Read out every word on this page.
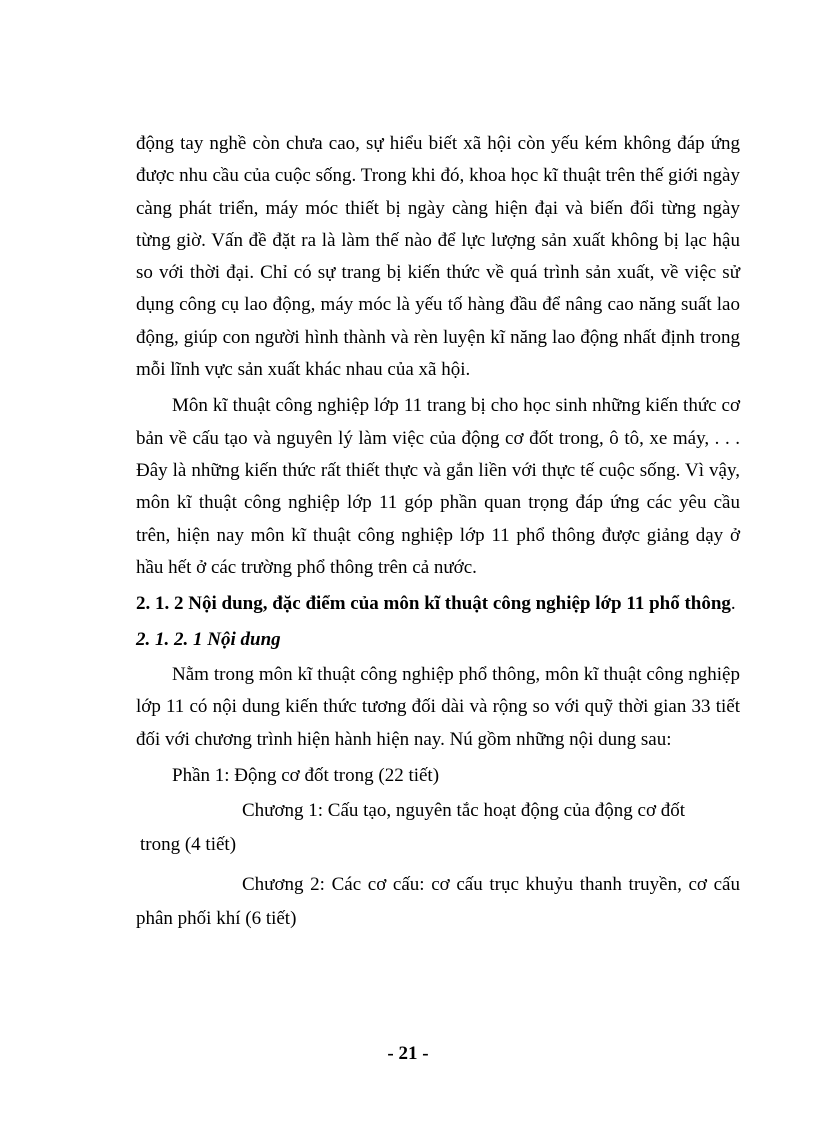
động tay nghề còn chưa cao, sự hiểu biết xã hội còn yếu kém không đáp ứng được nhu cầu của cuộc sống. Trong khi đó, khoa học kĩ thuật trên thế giới ngày càng phát triển, máy móc thiết bị ngày càng hiện đại và biến đổi từng ngày từng giờ. Vấn đề đặt ra là làm thế nào để lực lượng sản xuất không bị lạc hậu so với thời đại. Chỉ có sự trang bị kiến thức về quá trình sản xuất, về việc sử dụng công cụ lao động, máy móc là yếu tố hàng đầu để nâng cao năng suất lao động, giúp con người hình thành và rèn luyện kĩ năng lao động nhất định trong mỗi lĩnh vực sản xuất khác nhau của xã hội.

Môn kĩ thuật công nghiệp lớp 11 trang bị cho học sinh những kiến thức cơ bản về cấu tạo và nguyên lý làm việc của động cơ đốt trong, ô tô, xe máy, . . . Đây là những kiến thức rất thiết thực và gắn liền với thực tế cuộc sống. Vì vậy, môn kĩ thuật công nghiệp lớp 11 góp phần quan trọng đáp ứng các yêu cầu trên, hiện nay môn kĩ thuật công nghiệp lớp 11 phổ thông được giảng dạy ở hầu hết ở các trường phổ thông trên cả nước.

2. 1. 2 Nội dung, đặc điểm của môn kĩ thuật công nghiệp lớp 11 phổ thông.

2. 1. 2. 1 Nội dung

Nằm trong môn kĩ thuật công nghiệp phổ thông, môn kĩ thuật công nghiệp lớp 11 có nội dung kiến thức tương đối dài và rộng so với quỹ thời gian 33 tiết đối với chương trình hiện hành hiện nay. Nú gồm những nội dung sau:

Phần 1: Động cơ đốt trong (22 tiết)

Chương 1: Cấu tạo, nguyên tắc hoạt động của động cơ đốt
trong (4 tiết)

Chương 2: Các cơ cấu: cơ cấu trục khuỷu thanh truyền, cơ cấu
phân phối khí (6 tiết)

- 21 -
